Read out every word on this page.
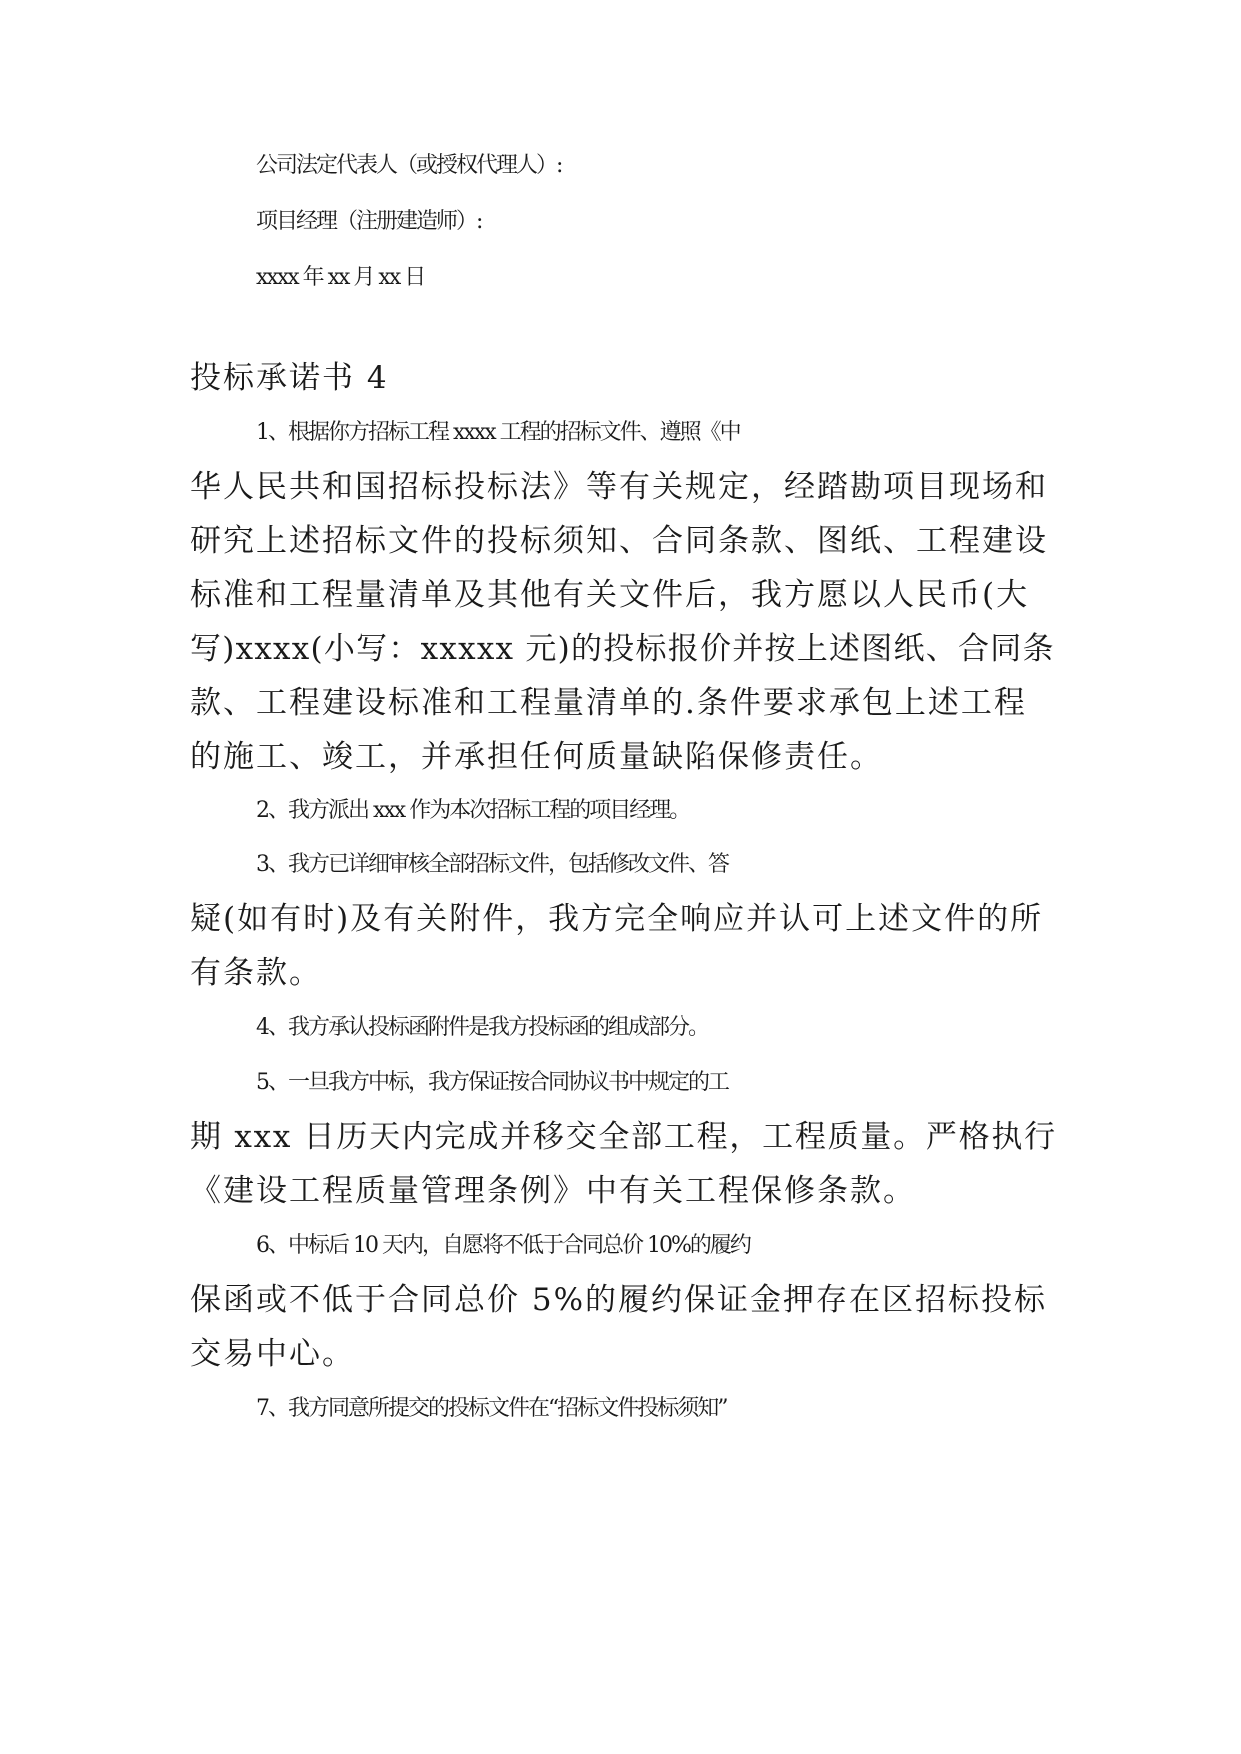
公司法定代表人（或授权代理人）:
项目经理（注册建造师）:
xxxx 年 xx 月 xx 日
投标承诺书 4
1、根据你方招标工程 xxxx 工程的招标文件、遵照《中
华人民共和国招标投标法》等有关规定，经踏勘项目现场和
研究上述招标文件的投标须知、合同条款、图纸、工程建设
标准和工程量清单及其他有关文件后，我方愿以人民币(大
写)xxxx(小写：xxxxx 元)的投标报价并按上述图纸、合同条
款、工程建设标准和工程量清单的.条件要求承包上述工程
的施工、竣工，并承担任何质量缺陷保修责任。
2、我方派出 xxx 作为本次招标工程的项目经理。
3、我方已详细审核全部招标文件，包括修改文件、答
疑(如有时)及有关附件，我方完全响应并认可上述文件的所
有条款。
4、我方承认投标函附件是我方投标函的组成部分。
5、一旦我方中标，我方保证按合同协议书中规定的工
期 xxx 日历天内完成并移交全部工程，工程质量。严格执行
《建设工程质量管理条例》中有关工程保修条款。
6、中标后 10 天内，自愿将不低于合同总价 10%的履约
保函或不低于合同总价 5%的履约保证金押存在区招标投标
交易中心。
7、我方同意所提交的投标文件在“招标文件投标须知”
